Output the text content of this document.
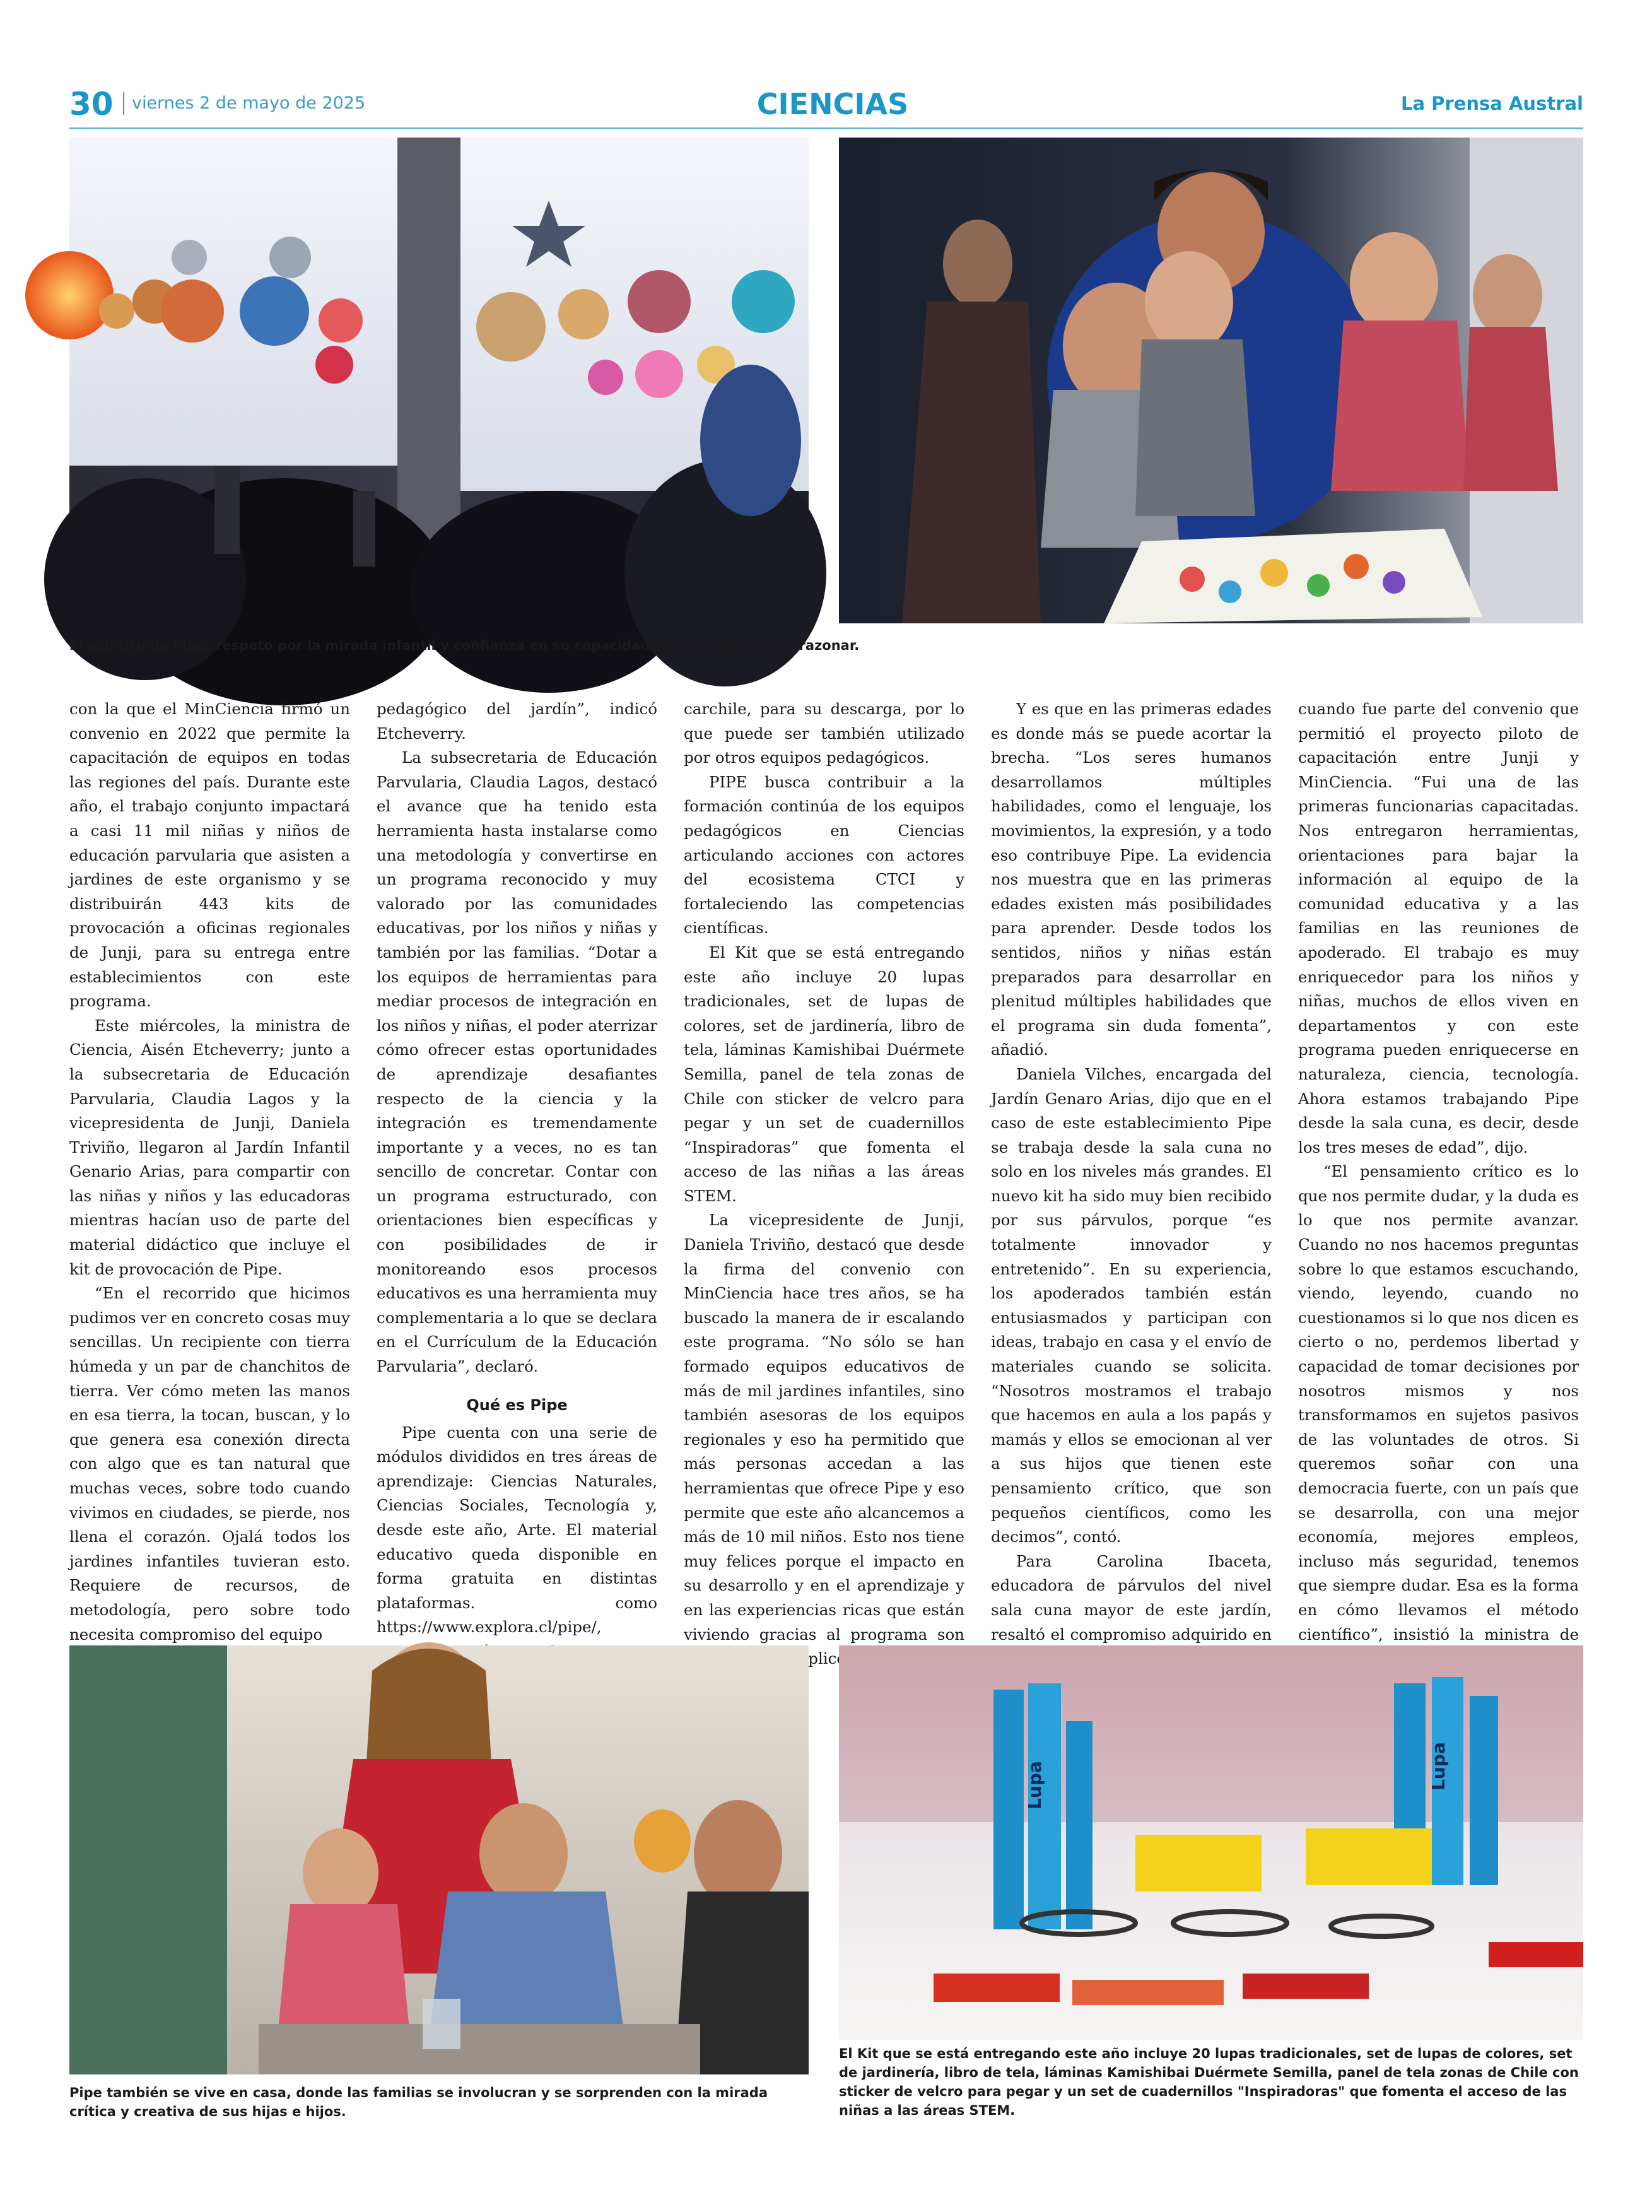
30	viernes 2 de mayo de 2025	CIENCIAS	La Prensa Austral
El espíritu de Pipe: respeto por la mirada infantil y confianza en su capacidad para asombrarse y razonar.

con la que el MinCiencia firmó un convenio en 2022 que permite la capacitación de equipos en todas las regiones del país. Durante este año, el trabajo conjunto impactará a casi 11 mil niñas y niños de educación parvularia que asisten a jardines de este organismo y se distribuirán 443 kits de provocación a oficinas regionales de Junji, para su entrega entre establecimientos con este programa.

Este miércoles, la ministra de Ciencia, Aisén Etcheverry; junto a la subsecretaria de Educación Parvularia, Claudia Lagos y la vicepresidenta de Junji, Daniela Triviño, llegaron al Jardín Infantil Genario Arias, para compartir con las niñas y niños y las educadoras mientras hacían uso de parte del material didáctico que incluye el kit de provocación de Pipe.

“En el recorrido que hicimos pudimos ver en concreto cosas muy sencillas. Un recipiente con tierra húmeda y un par de chanchitos de tierra. Ver cómo meten las manos en esa tierra, la tocan, buscan, y lo que genera esa conexión directa con algo que es tan natural que muchas veces, sobre todo cuando vivimos en ciudades, se pierde, nos llena el corazón. Ojalá todos los jardines infantiles tuvieran esto. Requiere de recursos, de metodología, pero sobre todo necesita compromiso del equipo

pedagógico del jardín”, indicó Etcheverry.

La subsecretaria de Educación Parvularia, Claudia Lagos, destacó el avance que ha tenido esta herramienta hasta instalarse como una metodología y convertirse en un programa reconocido y muy valorado por las comunidades educativas, por los niños y niñas y también por las familias. “Dotar a los equipos de herramientas para mediar procesos de integración en los niños y niñas, el poder aterrizar cómo ofrecer estas oportunidades de aprendizaje desafiantes respecto de la ciencia y la integración es tremendamente importante y a veces, no es tan sencillo de concretar. Contar con un programa estructurado, con orientaciones bien específicas y con posibilidades de ir monitoreando esos procesos educativos es una herramienta muy complementaria a lo que se declara en el Currículum de la Educación Parvularia”, declaró.

Qué es Pipe

Pipe cuenta con una serie de módulos divididos en tres áreas de aprendizaje: Ciencias Naturales, Ciencias Sociales, Tecnología y, desde este año, Arte. El material educativo queda disponible en forma gratuita en distintas plataformas. como https://www.explora.cl/pipe/,

carchile, para su descarga, por lo que puede ser también utilizado por otros equipos pedagógicos.

PIPE busca contribuir a la formación continúa de los equipos pedagógicos en Ciencias articulando acciones con actores del ecosistema CTCI y fortaleciendo las competencias científicas.

El Kit que se está entregando este año incluye 20 lupas tradicionales, set de lupas de colores, set de jardinería, libro de tela, láminas Kamishibai Duérmete Semilla, panel de tela zonas de Chile con sticker de velcro para pegar y un set de cuadernillos “Inspiradoras” que fomenta el acceso de las niñas a las áreas STEM.

La vicepresidente de Junji, Daniela Triviño, destacó que desde la firma del convenio con MinCiencia hace tres años, se ha buscado la manera de ir escalando este programa. “No sólo se han formado equipos educativos de más de mil jardines infantiles, sino también asesoras de los equipos regionales y eso ha permitido que más personas accedan a las herramientas que ofrece Pipe y eso permite que este año alcancemos a más de 10 mil niños. Esto nos tiene muy felices porque el impacto en su desarrollo y en el aprendizaje y en las experiencias ricas que están viviendo gracias al programa son explicó.

Y es que en las primeras edades es donde más se puede acortar la brecha. “Los seres humanos desarrollamos múltiples habilidades, como el lenguaje, los movimientos, la expresión, y a todo eso contribuye Pipe. La evidencia nos muestra que en las primeras edades existen más posibilidades para aprender. Desde todos los sentidos, niños y niñas están preparados para desarrollar en plenitud múltiples habilidades que el programa sin duda fomenta”, añadió.

Daniela Vilches, encargada del Jardín Genaro Arias, dijo que en el caso de este establecimiento Pipe se trabaja desde la sala cuna no solo en los niveles más grandes. El nuevo kit ha sido muy bien recibido por sus párvulos, porque “es totalmente innovador y entretenido”. En su experiencia, los apoderados también están entusiasmados y participan con ideas, trabajo en casa y el envío de materiales cuando se solicita. “Nosotros mostramos el trabajo que hacemos en aula a los papás y mamás y ellos se emocionan al ver a sus hijos que tienen este pensamiento crítico, que son pequeños científicos, como les decimos”, contó.

Para Carolina Ibaceta, educadora de párvulos del nivel sala cuna mayor de este jardín, resaltó el compromiso adquirido en

cuando fue parte del convenio que permitió el proyecto piloto de capacitación entre Junji y MinCiencia. “Fui una de las primeras funcionarias capacitadas. Nos entregaron herramientas, orientaciones para bajar la información al equipo de la comunidad educativa y a las familias en las reuniones de apoderado. El trabajo es muy enriquecedor para los niños y niñas, muchos de ellos viven en departamentos y con este programa pueden enriquecerse en naturaleza, ciencia, tecnología. Ahora estamos trabajando Pipe desde la sala cuna, es decir, desde los tres meses de edad”, dijo.

“El pensamiento crítico es lo que nos permite dudar, y la duda es lo que nos permite avanzar. Cuando no nos hacemos preguntas sobre lo que estamos escuchando, viendo, leyendo, cuando no cuestionamos si lo que nos dicen es cierto o no, perdemos libertad y capacidad de tomar decisiones por nosotros mismos y nos transformamos en sujetos pasivos de las voluntades de otros. Si queremos soñar con una democracia fuerte, con un país que se desarrolla, con una mejor economía, mejores empleos, incluso más seguridad, tenemos que siempre dudar. Esa es la forma en cómo llevamos el método científico”, insistió la ministra de

Pipe también se vive en casa, donde las familias se involucran y se sorprenden con la mirada crítica y creativa de sus hijas e hijos.
Lupa	Lupa
El Kit que se está entregando este año incluye 20 lupas tradicionales, set de lupas de colores, set de jardinería, libro de tela, láminas Kamishibai Duérmete Semilla, panel de tela zonas de Chile con sticker de velcro para pegar y un set de cuadernillos "Inspiradoras" que fomenta el acceso de las niñas a las áreas STEM.
